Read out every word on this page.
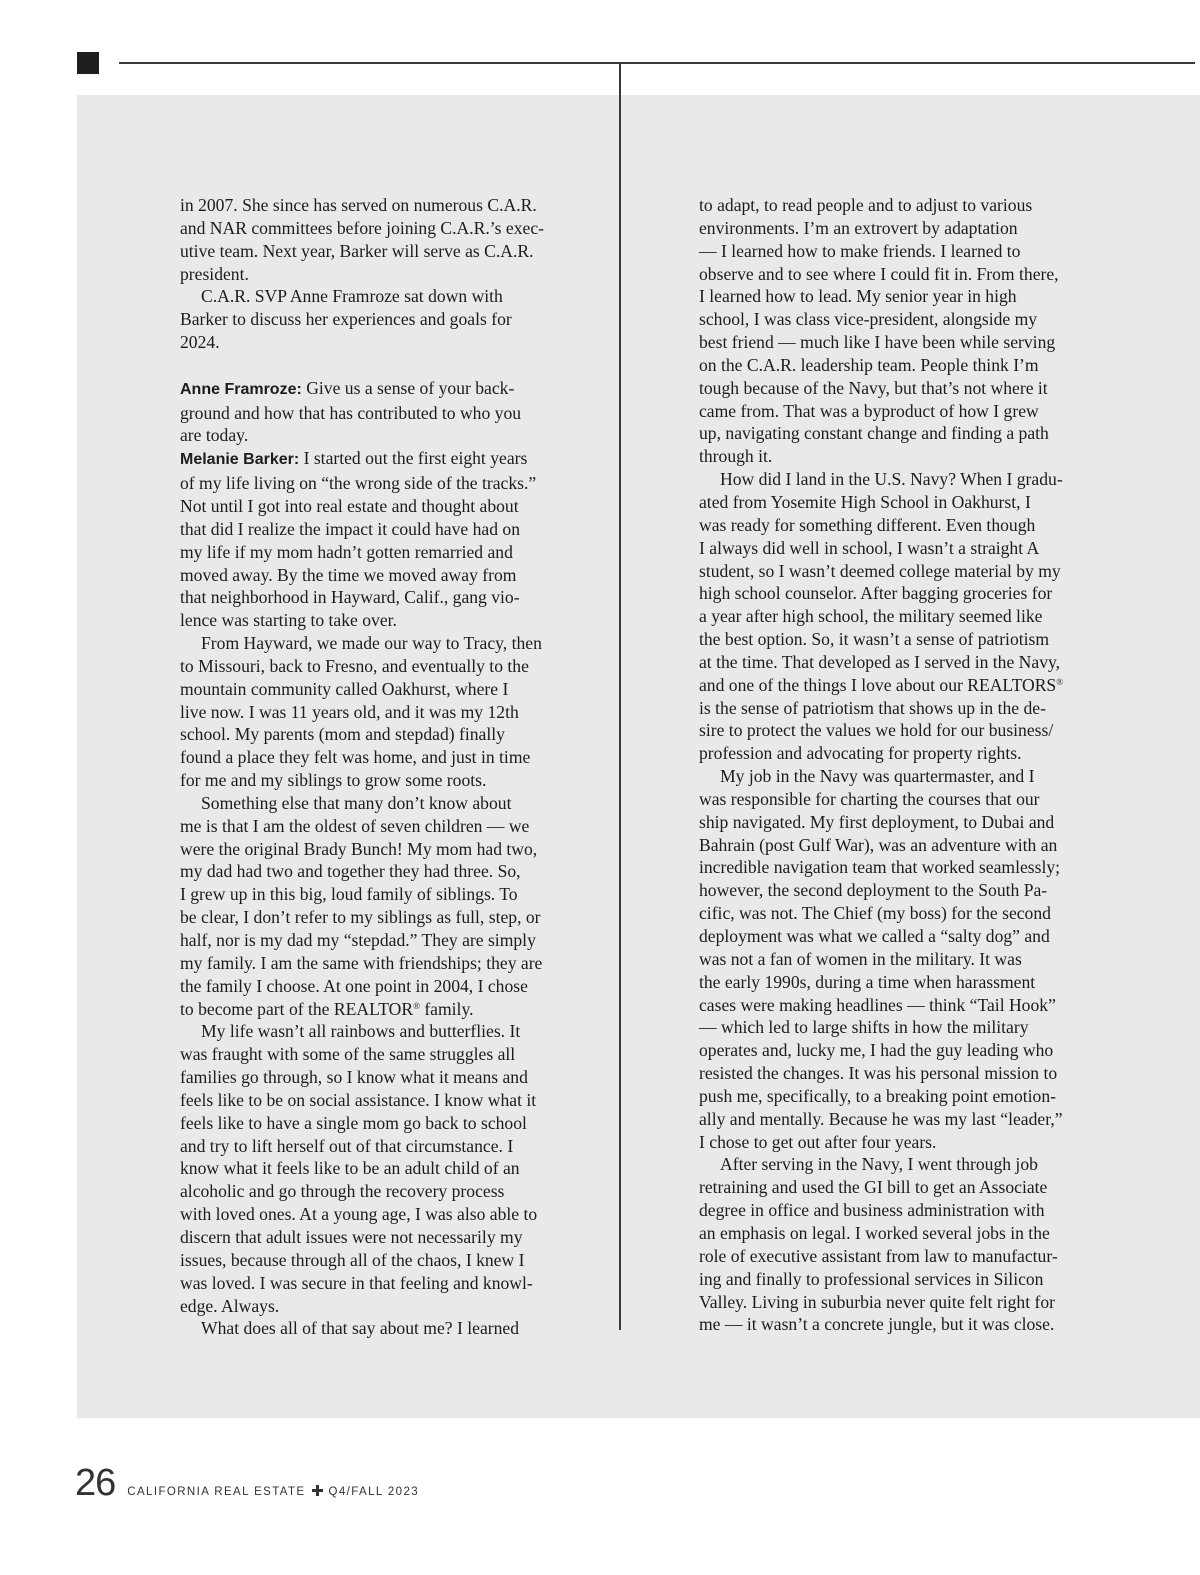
in 2007. She since has served on numerous C.A.R.
and NAR committees before joining C.A.R.’s exec-
utive team. Next year, Barker will serve as C.A.R.
president.
C.A.R. SVP Anne Framroze sat down with
Barker to discuss her experiences and goals for
2024.
Anne Framroze: Give us a sense of your back-
ground and how that has contributed to who you
are today.
Melanie Barker: I started out the first eight years
of my life living on “the wrong side of the tracks.”
Not until I got into real estate and thought about
that did I realize the impact it could have had on
my life if my mom hadn’t gotten remarried and
moved away. By the time we moved away from
that neighborhood in Hayward, Calif., gang vio-
lence was starting to take over.
From Hayward, we made our way to Tracy, then
to Missouri, back to Fresno, and eventually to the
mountain community called Oakhurst, where I
live now. I was 11 years old, and it was my 12th
school. My parents (mom and stepdad) finally
found a place they felt was home, and just in time
for me and my siblings to grow some roots.
Something else that many don’t know about
me is that I am the oldest of seven children — we
were the original Brady Bunch! My mom had two,
my dad had two and together they had three. So,
I grew up in this big, loud family of siblings. To
be clear, I don’t refer to my siblings as full, step, or
half, nor is my dad my “stepdad.” They are simply
my family. I am the same with friendships; they are
the family I choose. At one point in 2004, I chose
to become part of the REALTOR® family.
My life wasn’t all rainbows and butterflies. It
was fraught with some of the same struggles all
families go through, so I know what it means and
feels like to be on social assistance. I know what it
feels like to have a single mom go back to school
and try to lift herself out of that circumstance. I
know what it feels like to be an adult child of an
alcoholic and go through the recovery process
with loved ones. At a young age, I was also able to
discern that adult issues were not necessarily my
issues, because through all of the chaos, I knew I
was loved. I was secure in that feeling and knowl-
edge. Always.
What does all of that say about me? I learned
to adapt, to read people and to adjust to various
environments. I’m an extrovert by adaptation
— I learned how to make friends. I learned to
observe and to see where I could fit in. From there,
I learned how to lead. My senior year in high
school, I was class vice-president, alongside my
best friend — much like I have been while serving
on the C.A.R. leadership team. People think I’m
tough because of the Navy, but that’s not where it
came from. That was a byproduct of how I grew
up, navigating constant change and finding a path
through it.
How did I land in the U.S. Navy? When I gradu-
ated from Yosemite High School in Oakhurst, I
was ready for something different. Even though
I always did well in school, I wasn’t a straight A
student, so I wasn’t deemed college material by my
high school counselor. After bagging groceries for
a year after high school, the military seemed like
the best option. So, it wasn’t a sense of patriotism
at the time. That developed as I served in the Navy,
and one of the things I love about our REALTORS®
is the sense of patriotism that shows up in the de-
sire to protect the values we hold for our business/
profession and advocating for property rights.
My job in the Navy was quartermaster, and I
was responsible for charting the courses that our
ship navigated. My first deployment, to Dubai and
Bahrain (post Gulf War), was an adventure with an
incredible navigation team that worked seamlessly;
however, the second deployment to the South Pa-
cific, was not. The Chief (my boss) for the second
deployment was what we called a “salty dog” and
was not a fan of women in the military. It was
the early 1990s, during a time when harassment
cases were making headlines — think “Tail Hook”
— which led to large shifts in how the military
operates and, lucky me, I had the guy leading who
resisted the changes. It was his personal mission to
push me, specifically, to a breaking point emotion-
ally and mentally. Because he was my last “leader,”
I chose to get out after four years.
After serving in the Navy, I went through job
retraining and used the GI bill to get an Associate
degree in office and business administration with
an emphasis on legal. I worked several jobs in the
role of executive assistant from law to manufactur-
ing and finally to professional services in Silicon
Valley. Living in suburbia never quite felt right for
me — it wasn’t a concrete jungle, but it was close.
26 CALIFORNIA REAL ESTATE Q4/FALL 2023
